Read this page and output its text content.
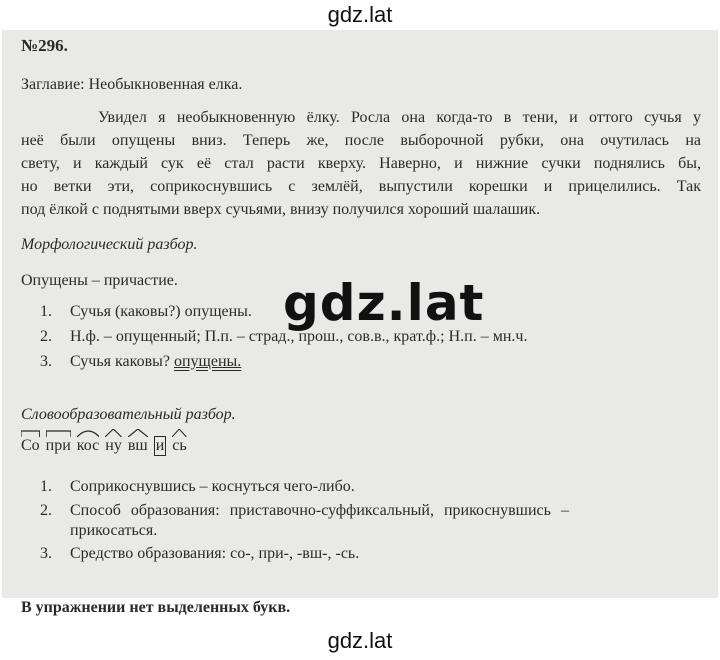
gdz.lat
№296.
Заглавие: Необыкновенная елка.

Увидел я необыкновенную ёлку. Росла она когда-то в тени, и оттого сучья у

неё были опущены вниз. Теперь же, после выборочной рубки, она очутилась на

свету, и каждый сук её стал расти кверху. Наверно, и нижние сучки поднялись бы,

но ветки эти, соприкоснувшись с землёй, выпустили корешки и прицелились. Так

под ёлкой с поднятыми вверх сучьями, внизу получился хороший шалашик.

Морфологический разбор.
Опущены – причастие.
1. Сучья (каковы?) опущены.
2. Н.ф. – опущенный; П.п. – страд., прош., сов.в., крат.ф.; Н.п. – мн.ч.
3. Сучья каковы? опущены.
Словообразовательный разбор.
Со при кос ну вш и сь
1. Соприкоснувшись – коснуться чего-либо.
2. Способ образования: приставочно-суффиксальный, прикоснувшись –
прикосаться.
3. Средство образования: со-, при-, -вш-, -сь.
В упражнении нет выделенных букв.
gdz.lat
gdz.lat
